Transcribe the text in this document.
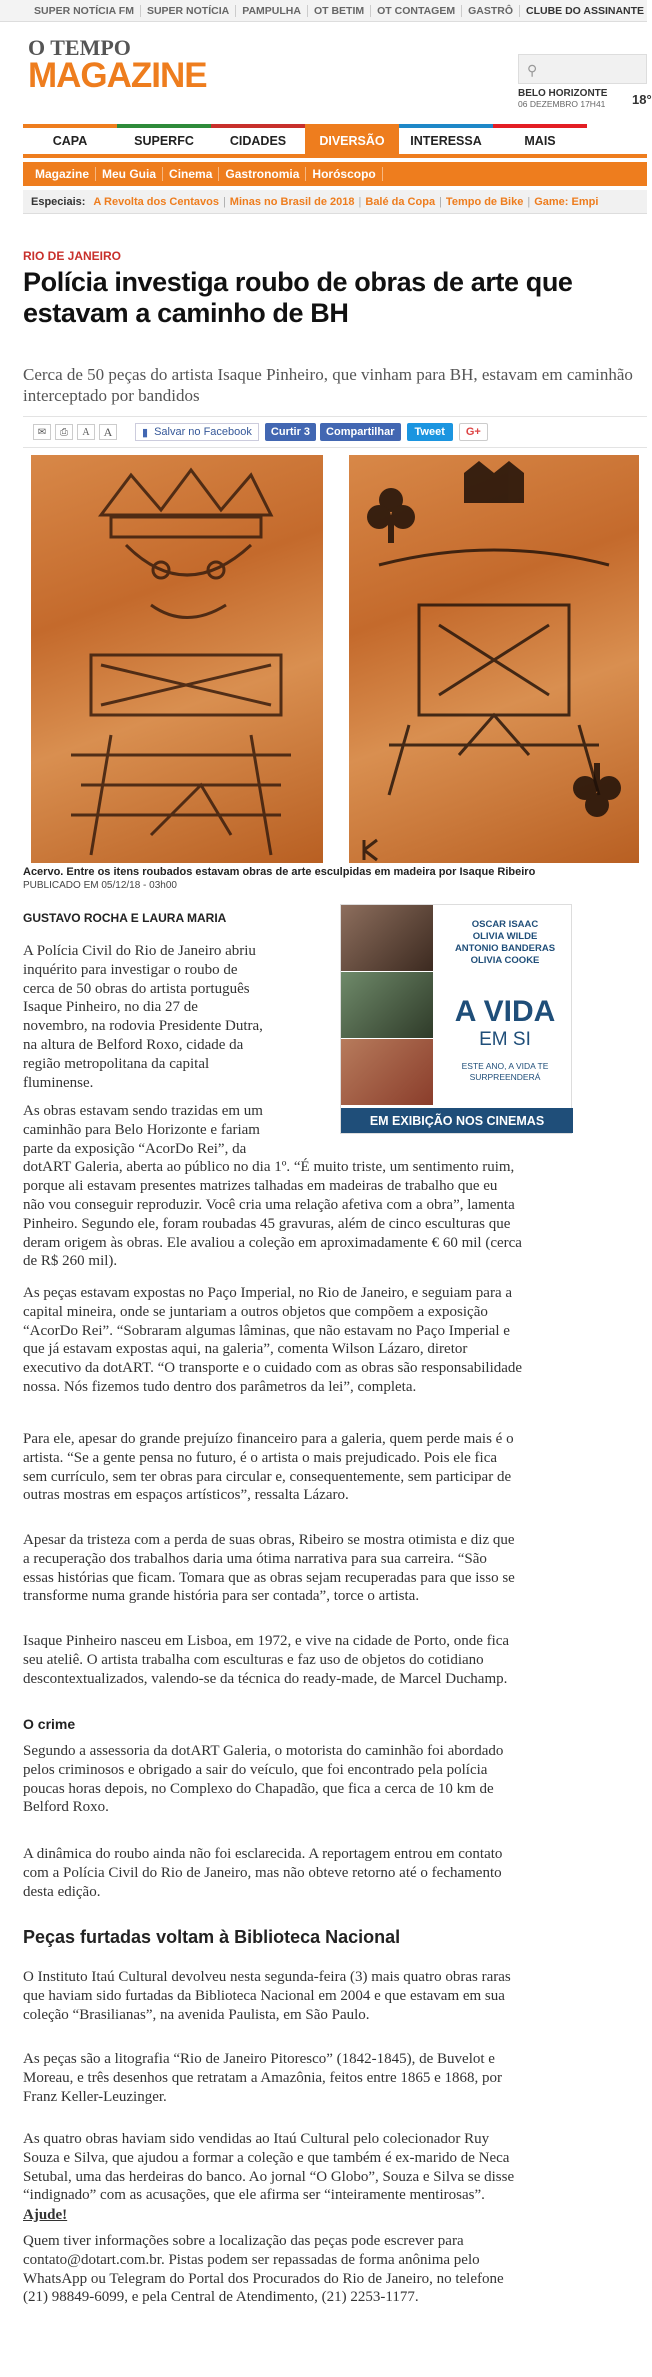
SUPER NOTÍCIA FM	SUPER NOTÍCIA	PAMPULHA	OT BETIM	OT CONTAGEM	GASTRÔ	CLUBE DO ASSINANTE
O TEMPO
MAGAZINE	⚲
BELO HORIZONTE
06 DEZEMBRO 17H41	18°
CAPA	SUPERFC	CIDADES	DIVERSÃO	INTERESSA	MAIS
Magazine	Meu Guia	Cinema	Gastronomia	Horóscopo
Especiais: A Revolta dos Centavos | Minas no Brasil de 2018 | Balé da Copa | Tempo de Bike | Game: Empi
RIO DE JANEIRO
Polícia investiga roubo de obras de arte que estavam a caminho de BH
Cerca de 50 peças do artista Isaque Pinheiro, que vinham para BH, estavam em caminhão interceptado por bandidos
✉	⎙	A	A	▮ Salvar no Facebook	Curtir 3	Compartilhar	Tweet	G+
Acervo. Entre os itens roubados estavam obras de arte esculpidas em madeira por Isaque Ribeiro
PUBLICADO EM 05/12/18 - 03h00
GUSTAVO ROCHA E LAURA MARIA	OSCAR ISAAC
OLIVIA WILDE
ANTONIO BANDERAS
OLIVIA COOKE
A VIDA
EM SI
ESTE ANO, A VIDA TE
SURPREENDERÁ
EM EXIBIÇÃO NOS CINEMAS
A Polícia Civil do Rio de Janeiro abriu
inquérito para investigar o roubo de
cerca de 50 obras do artista português
Isaque Pinheiro, no dia 27 de
novembro, na rodovia Presidente Dutra,
na altura de Belford Roxo, cidade da
região metropolitana da capital
fluminense.
As obras estavam sendo trazidas em um
caminhão para Belo Horizonte e fariam
parte da exposição “AcorDo Rei”, da
dotART Galeria, aberta ao público no dia 1º. “É muito triste, um sentimento ruim,
porque ali estavam presentes matrizes talhadas em madeiras de trabalho que eu
não vou conseguir reproduzir. Você cria uma relação afetiva com a obra”, lamenta
Pinheiro. Segundo ele, foram roubadas 45 gravuras, além de cinco esculturas que
deram origem às obras. Ele avaliou a coleção em aproximadamente € 60 mil (cerca
de R$ 260 mil).
As peças estavam expostas no Paço Imperial, no Rio de Janeiro, e seguiam para a
capital mineira, onde se juntariam a outros objetos que compõem a exposição
“AcorDo Rei”. “Sobraram algumas lâminas, que não estavam no Paço Imperial e
que já estavam expostas aqui, na galeria”, comenta Wilson Lázaro, diretor
executivo da dotART. “O transporte e o cuidado com as obras são responsabilidade
nossa. Nós fizemos tudo dentro dos parâmetros da lei”, completa.
Para ele, apesar do grande prejuízo financeiro para a galeria, quem perde mais é o
artista. “Se a gente pensa no futuro, é o artista o mais prejudicado. Pois ele fica
sem currículo, sem ter obras para circular e, consequentemente, sem participar de
outras mostras em espaços artísticos”, ressalta Lázaro.
Apesar da tristeza com a perda de suas obras, Ribeiro se mostra otimista e diz que
a recuperação dos trabalhos daria uma ótima narrativa para sua carreira. “São
essas histórias que ficam. Tomara que as obras sejam recuperadas para que isso se
transforme numa grande história para ser contada”, torce o artista.
Isaque Pinheiro nasceu em Lisboa, em 1972, e vive na cidade de Porto, onde fica
seu ateliê. O artista trabalha com esculturas e faz uso de objetos do cotidiano
descontextualizados, valendo-se da técnica do ready-made, de Marcel Duchamp.
O crime
Segundo a assessoria da dotART Galeria, o motorista do caminhão foi abordado
pelos criminosos e obrigado a sair do veículo, que foi encontrado pela polícia
poucas horas depois, no Complexo do Chapadão, que fica a cerca de 10 km de
Belford Roxo.
A dinâmica do roubo ainda não foi esclarecida. A reportagem entrou em contato
com a Polícia Civil do Rio de Janeiro, mas não obteve retorno até o fechamento
desta edição.
Peças furtadas voltam à Biblioteca Nacional
O Instituto Itaú Cultural devolveu nesta segunda-feira (3) mais quatro obras raras
que haviam sido furtadas da Biblioteca Nacional em 2004 e que estavam em sua
coleção “Brasilianas”, na avenida Paulista, em São Paulo.
As peças são a litografia “Rio de Janeiro Pitoresco” (1842-1845), de Buvelot e
Moreau, e três desenhos que retratam a Amazônia, feitos entre 1865 e 1868, por
Franz Keller-Leuzinger.
As quatro obras haviam sido vendidas ao Itaú Cultural pelo colecionador Ruy
Souza e Silva, que ajudou a formar a coleção e que também é ex-marido de Neca
Setubal, uma das herdeiras do banco. Ao jornal “O Globo”, Souza e Silva se disse
“indignado” com as acusações, que ele afirma ser “inteiramente mentirosas”.
Ajude!
Quem tiver informações sobre a localização das peças pode escrever para
contato@dotart.com.br. Pistas podem ser repassadas de forma anônima pelo
WhatsApp ou Telegram do Portal dos Procurados do Rio de Janeiro, no telefone
(21) 98849-6099, e pela Central de Atendimento, (21) 2253-1177.
